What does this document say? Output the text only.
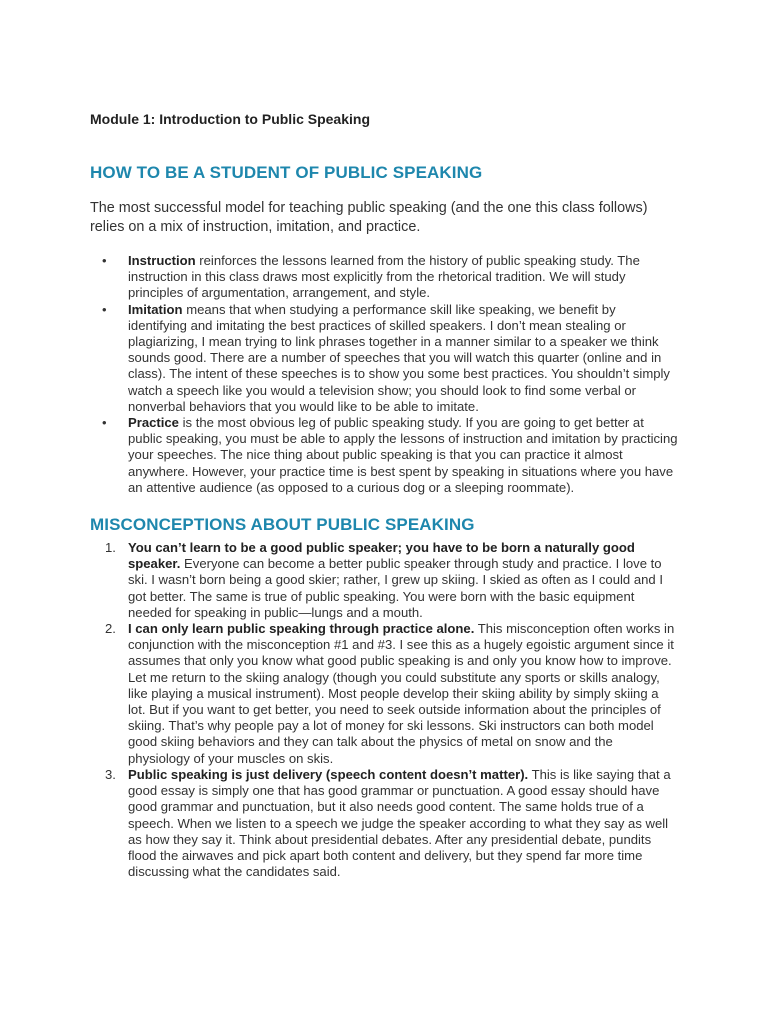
Module 1: Introduction to Public Speaking
HOW TO BE A STUDENT OF PUBLIC SPEAKING

The most successful model for teaching public speaking (and the one this class follows) relies on a mix of instruction, imitation, and practice.

• Instruction reinforces the lessons learned from the history of public speaking study. The instruction in this class draws most explicitly from the rhetorical tradition. We will study principles of argumentation, arrangement, and style.
• Imitation means that when studying a performance skill like speaking, we benefit by identifying and imitating the best practices of skilled speakers. I don’t mean stealing or plagiarizing, I mean trying to link phrases together in a manner similar to a speaker we think sounds good. There are a number of speeches that you will watch this quarter (online and in class). The intent of these speeches is to show you some best practices. You shouldn’t simply watch a speech like you would a television show; you should look to find some verbal or nonverbal behaviors that you would like to be able to imitate.
• Practice is the most obvious leg of public speaking study. If you are going to get better at public speaking, you must be able to apply the lessons of instruction and imitation by practicing your speeches. The nice thing about public speaking is that you can practice it almost anywhere. However, your practice time is best spent by speaking in situations where you have an attentive audience (as opposed to a curious dog or a sleeping roommate).
MISCONCEPTIONS ABOUT PUBLIC SPEAKING
1. You can’t learn to be a good public speaker; you have to be born a naturally good speaker. Everyone can become a better public speaker through study and practice. I love to ski. I wasn’t born being a good skier; rather, I grew up skiing. I skied as often as I could and I got better. The same is true of public speaking. You were born with the basic equipment needed for speaking in public—lungs and a mouth.
2. I can only learn public speaking through practice alone. This misconception often works in conjunction with the misconception #1 and #3. I see this as a hugely egoistic argument since it assumes that only you know what good public speaking is and only you know how to improve. Let me return to the skiing analogy (though you could substitute any sports or skills analogy, like playing a musical instrument). Most people develop their skiing ability by simply skiing a lot. But if you want to get better, you need to seek outside information about the principles of skiing. That’s why people pay a lot of money for ski lessons. Ski instructors can both model good skiing behaviors and they can talk about the physics of metal on snow and the physiology of your muscles on skis.
3. Public speaking is just delivery (speech content doesn’t matter). This is like saying that a good essay is simply one that has good grammar or punctuation. A good essay should have good grammar and punctuation, but it also needs good content. The same holds true of a speech. When we listen to a speech we judge the speaker according to what they say as well as how they say it. Think about presidential debates. After any presidential debate, pundits flood the airwaves and pick apart both content and delivery, but they spend far more time discussing what the candidates said.
